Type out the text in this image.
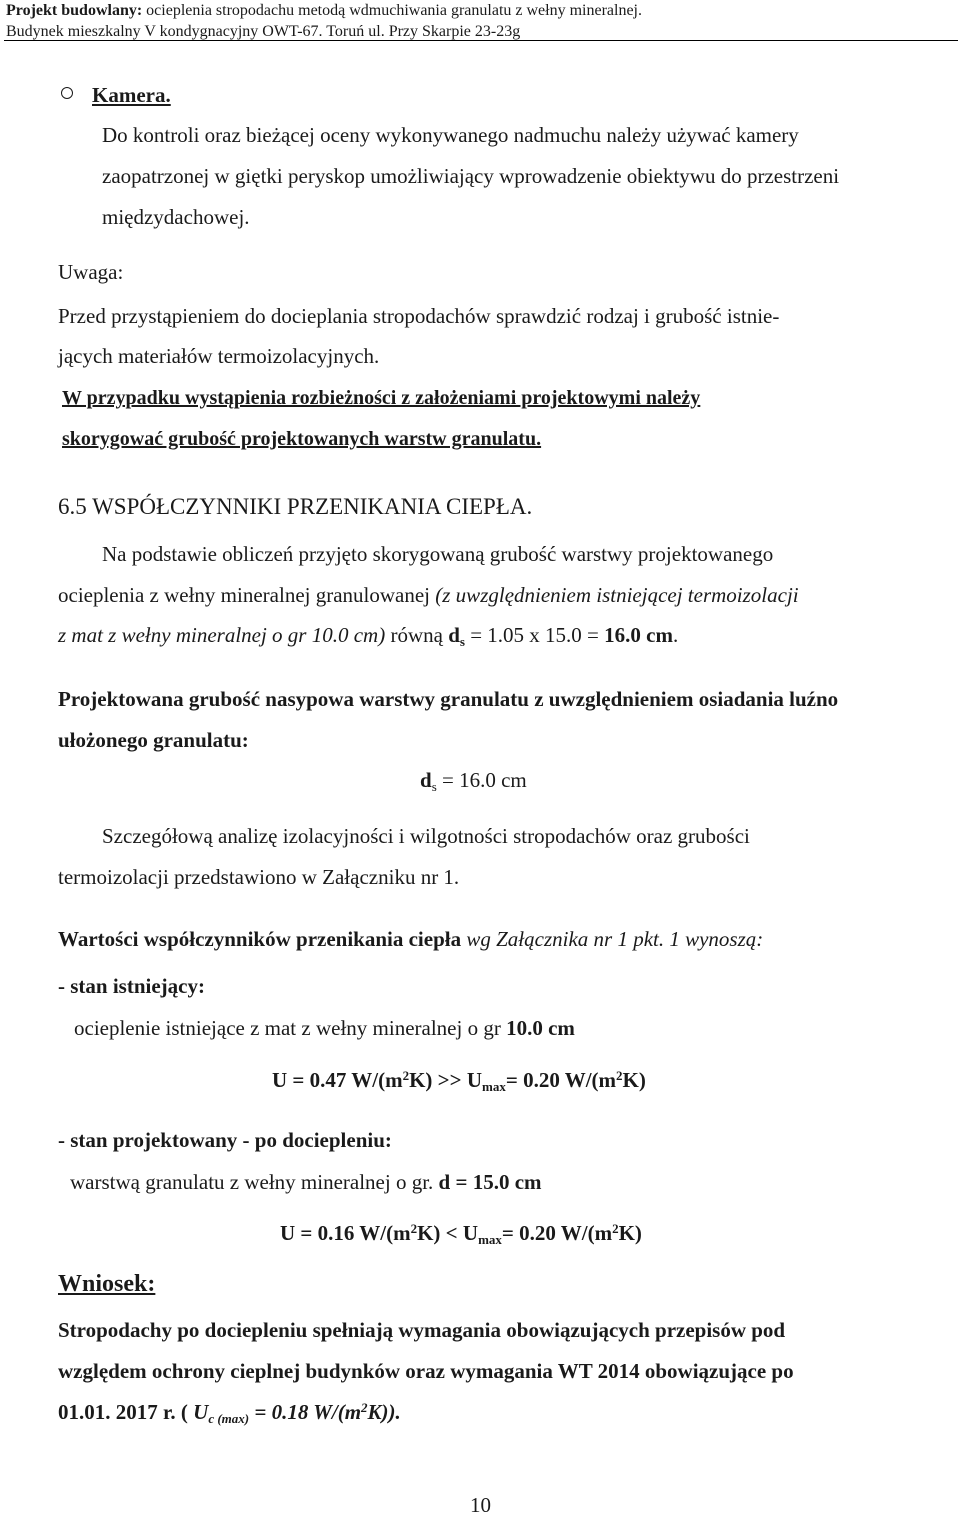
Projekt budowlany: ocieplenia stropodachu metodą wdmuchiwania granulatu z wełny mineralnej.
Budynek mieszkalny V kondygnacyjny OWT-67. Toruń ul. Przy Skarpie 23-23g
Kamera.
Do kontroli oraz bieżącej oceny wykonywanego nadmuchu należy używać kamery
zaopatrzonej w giętki peryskop umożliwiający wprowadzenie obiektywu do przestrzeni
międzydachowej.
Uwaga:
Przed przystąpieniem do docieplania stropodachów sprawdzić rodzaj i grubość istnie-
jących materiałów termoizolacyjnych.
W przypadku wystąpienia rozbieżności z założeniami projektowymi należy
skorygować grubość projektowanych warstw granulatu.
6.5 WSPÓŁCZYNNIKI PRZENIKANIA CIEPŁA.
Na podstawie obliczeń przyjęto skorygowaną grubość warstwy projektowanego
ocieplenia z wełny mineralnej granulowanej (z uwzględnieniem istniejącej termoizolacji
z mat z wełny mineralnej o gr 10.0 cm) równą $d_s = 1.05$ x 15.0 = 16.0 cm.
Projektowana grubość nasypowa warstwy granulatu z uwzględnieniem osiadania luźno
ułożonego granulatu:
$d_s = 16.0$ cm
Szczegółową analizę izolacyjności i wilgotności stropodachów oraz grubości
termoizolacji przedstawiono w Załączniku nr 1.
Wartości współczynników przenikania ciepła wg Załącznika nr 1 pkt. 1 wynoszą:
- stan istniejący:
ocieplenie istniejące z mat z wełny mineralnej o gr 10.0 cm
U = 0.47 $W/(m^2K) >> U_{max}= 0.20$ $W/(m^2K)$
- stan projektowany - po dociepleniu:
warstwą granulatu z wełny mineralnej o gr. d = 15.0 cm
U = 0.16 $W/(m^2K) < U_{max}= 0.20$ $W/(m^2K)$
Wniosek:
Stropodachy po dociepleniu spełniają wymagania obowiązujących przepisów pod
względem ochrony cieplnej budynków oraz wymagania WT 2014 obowiązujące po
01.01. 2017 r. ( $U_{c (max)} = 0.18$ $W/(m^2K)$).
10
